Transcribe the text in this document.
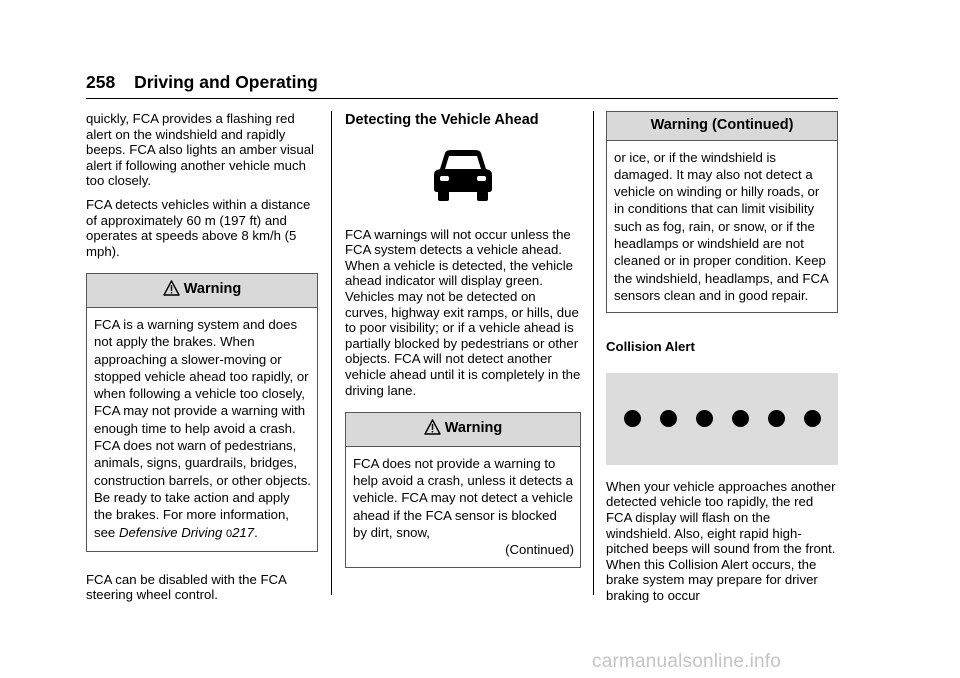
258 Driving and Operating

quickly, FCA provides a flashing red alert on the windshield and rapidly beeps. FCA also lights an amber visual alert if following another vehicle much too closely.

FCA detects vehicles within a distance of approximately 60 m (197 ft) and operates at speeds above 8 km/h (5 mph).

Warning

FCA is a warning system and does not apply the brakes. When approaching a slower-moving or stopped vehicle ahead too rapidly, or when following a vehicle too closely, FCA may not provide a warning with enough time to help avoid a crash. FCA does not warn of pedestrians, animals, signs, guardrails, bridges, construction barrels, or other objects. Be ready to take action and apply the brakes. For more information, see Defensive Driving 0217.

FCA can be disabled with the FCA steering wheel control.

Detecting the Vehicle Ahead

FCA warnings will not occur unless the FCA system detects a vehicle ahead. When a vehicle is detected, the vehicle ahead indicator will display green. Vehicles may not be detected on curves, highway exit ramps, or hills, due to poor visibility; or if a vehicle ahead is partially blocked by pedestrians or other objects. FCA will not detect another vehicle ahead until it is completely in the driving lane.

Warning

FCA does not provide a warning to help avoid a crash, unless it detects a vehicle. FCA may not detect a vehicle ahead if the FCA sensor is blocked by dirt, snow,

(Continued)

Warning (Continued)

or ice, or if the windshield is damaged. It may also not detect a vehicle on winding or hilly roads, or in conditions that can limit visibility such as fog, rain, or snow, or if the headlamps or windshield are not cleaned or in proper condition. Keep the windshield, headlamps, and FCA sensors clean and in good repair.

Collision Alert

When your vehicle approaches another detected vehicle too rapidly, the red FCA display will flash on the windshield. Also, eight rapid high-pitched beeps will sound from the front. When this Collision Alert occurs, the brake system may prepare for driver braking to occur

carmanualsonline.info
